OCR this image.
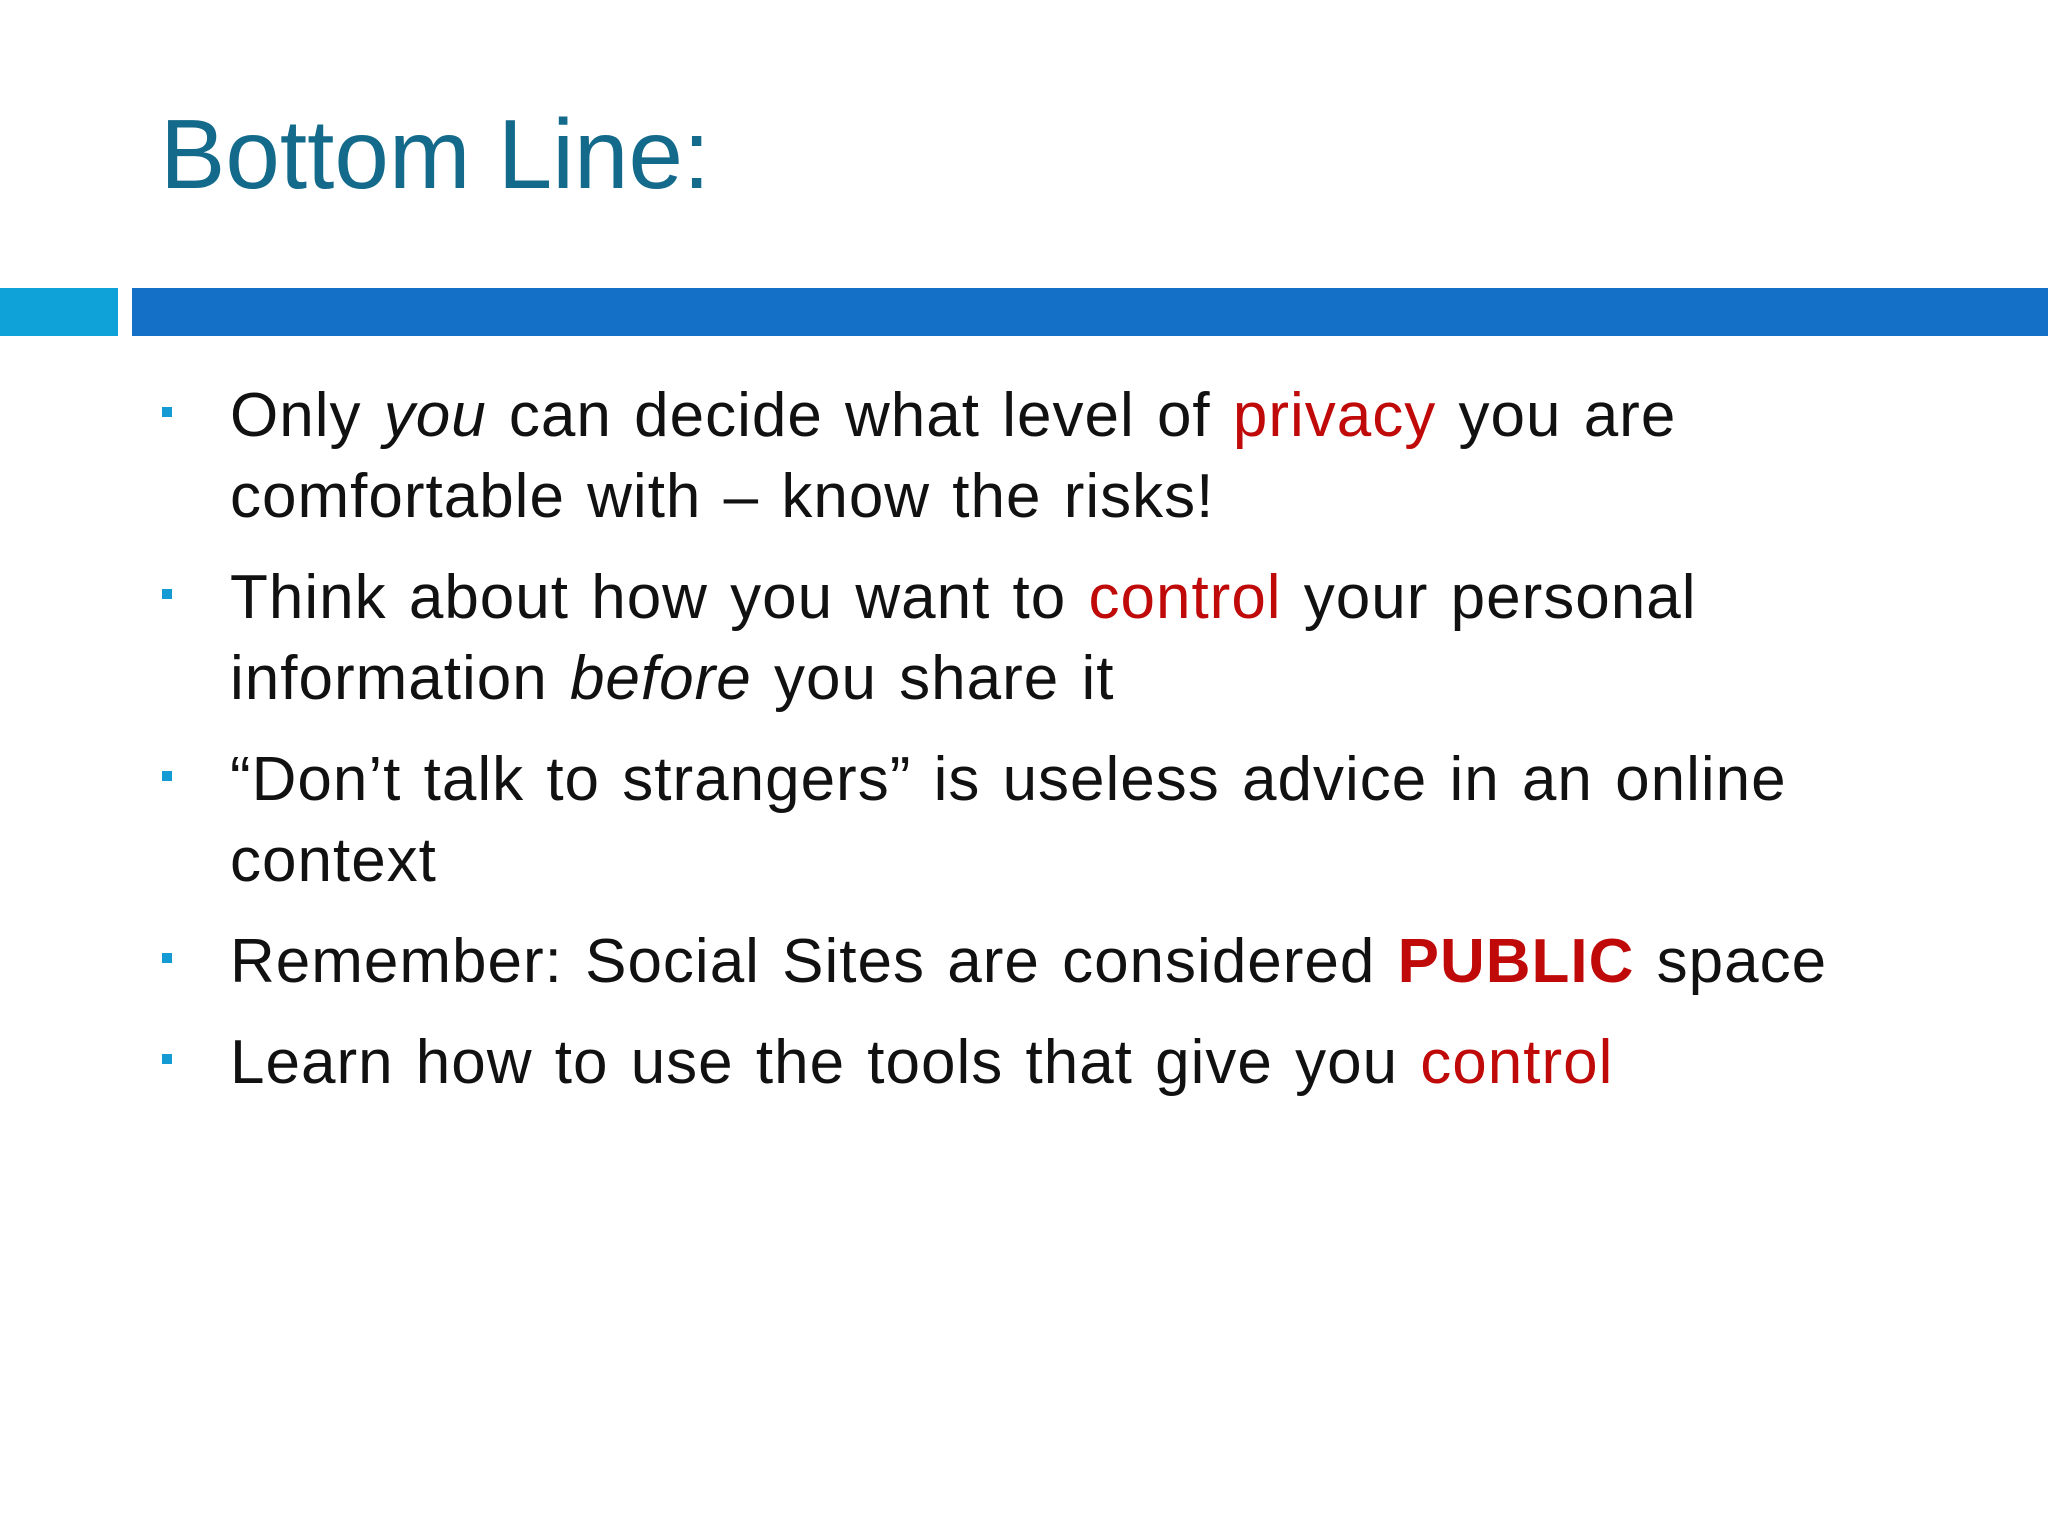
Bottom Line:
Only you can decide what level of privacy you are comfortable with – know the risks!
Think about how you want to control your personal information before you share it
“Don’t talk to strangers” is useless advice in an online context
Remember: Social Sites are considered PUBLIC space
Learn how to use the tools that give you control
